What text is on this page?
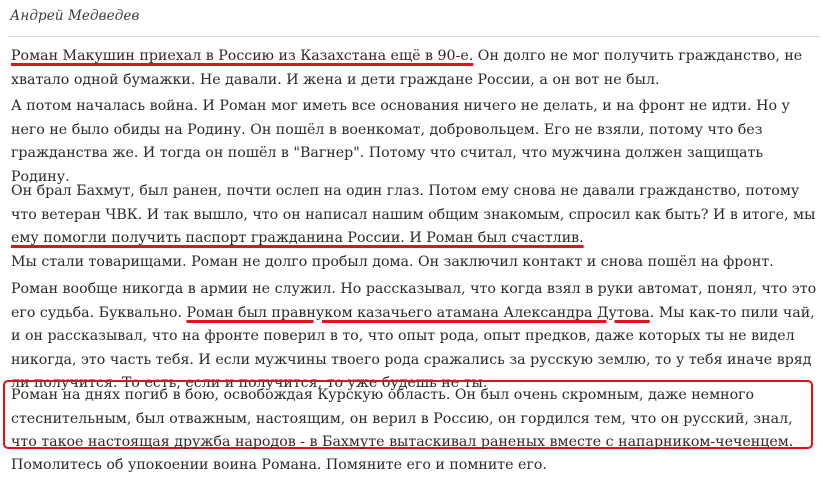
Андрей Медведев

Роман Макушин приехал в Россию из Казахстана ещё в 90-е. Он долго не мог получить гражданство, не
хватало одной бумажки. Не давали. И жена и дети граждане России, а он вот не был.

А потом началась война. И Роман мог иметь все основания ничего не делать, и на фронт не идти. Но у
него не было обиды на Родину. Он пошёл в военкомат, добровольцем. Его не взяли, потому что без
гражданства же. И тогда он пошёл в "Вагнер". Потому что считал, что мужчина должен защищать
Родину.

Он брал Бахмут, был ранен, почти ослеп на один глаз. Потом ему снова не давали гражданство, потому
что ветеран ЧВК. И так вышло, что он написал нашим общим знакомым, спросил как быть? И в итоге, мы
ему помогли получить паспорт гражданина России. И Роман был счастлив.

Мы стали товарищами. Роман не долго пробыл дома. Он заключил контакт и снова пошёл на фронт.

Роман вообще никогда в армии не служил. Но рассказывал, что когда взял в руки автомат, понял, что это
его судьба. Буквально. Роман был правнуком казачьего атамана Александра Дутова. Мы как-то пили чай,
и он рассказывал, что на фронте поверил в то, что опыт рода, опыт предков, даже которых ты не видел
никогда, это часть тебя. И если мужчины твоего рода сражались за русскую землю, то у тебя иначе вряд
ли получится. То есть, если и получится, то уже будешь не ты.

Роман на днях погиб в бою, освобождая Курскую область. Он был очень скромным, даже немного
стеснительным, был отважным, настоящим, он верил в Россию, он гордился тем, что он русский, знал,
что такое настоящая дружба народов - в Бахмуте вытаскивал раненых вместе с напарником-чеченцем.

Помолитесь об упокоении воина Романа. Помяните его и помните его.
